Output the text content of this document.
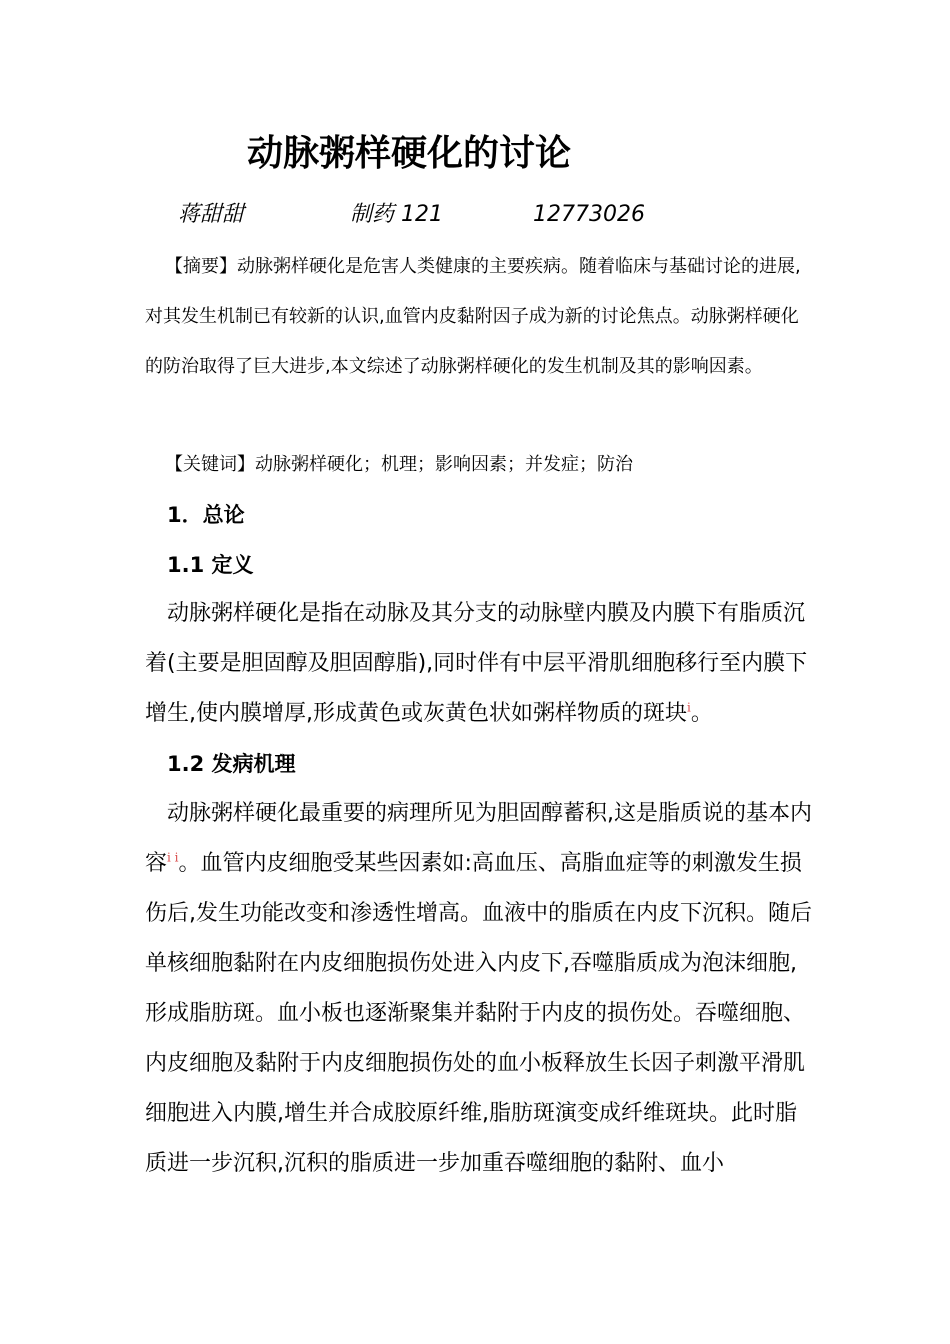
动脉粥样硬化的讨论
蒋甜甜	制药 121	12773026

【摘要】动脉粥样硬化是危害人类健康的主要疾病。随着临床与基础讨论的进展,对其发生机制已有较新的认识,血管内皮黏附因子成为新的讨论焦点。动脉粥样硬化的防治取得了巨大进步,本文综述了动脉粥样硬化的发生机制及其的影响因素。

【关键词】动脉粥样硬化；机理；影响因素；并发症；防治
1．总论
1.1 定义

动脉粥样硬化是指在动脉及其分支的动脉壁内膜及内膜下有脂质沉着(主要是胆固醇及胆固醇脂),同时伴有中层平滑肌细胞移行至内膜下增生,使内膜增厚,形成黄色或灰黄色状如粥样物质的斑块$^i$。

1.2 发病机理

动脉粥样硬化最重要的病理所见为胆固醇蓄积,这是脂质说的基本内容$^{i i}$。血管内皮细胞受某些因素如:高血压、高脂血症等的刺激发生损伤后,发生功能改变和渗透性增高。血液中的脂质在内皮下沉积。随后单核细胞黏附在内皮细胞损伤处进入内皮下,吞噬脂质成为泡沫细胞,形成脂肪斑。血小板也逐渐聚集并黏附于内皮的损伤处。吞噬细胞、内皮细胞及黏附于内皮细胞损伤处的血小板释放生长因子刺激平滑肌细胞进入内膜,增生并合成胶原纤维,脂肪斑演变成纤维斑块。此时脂质进一步沉积,沉积的脂质进一步加重吞噬细胞的黏附、血小
